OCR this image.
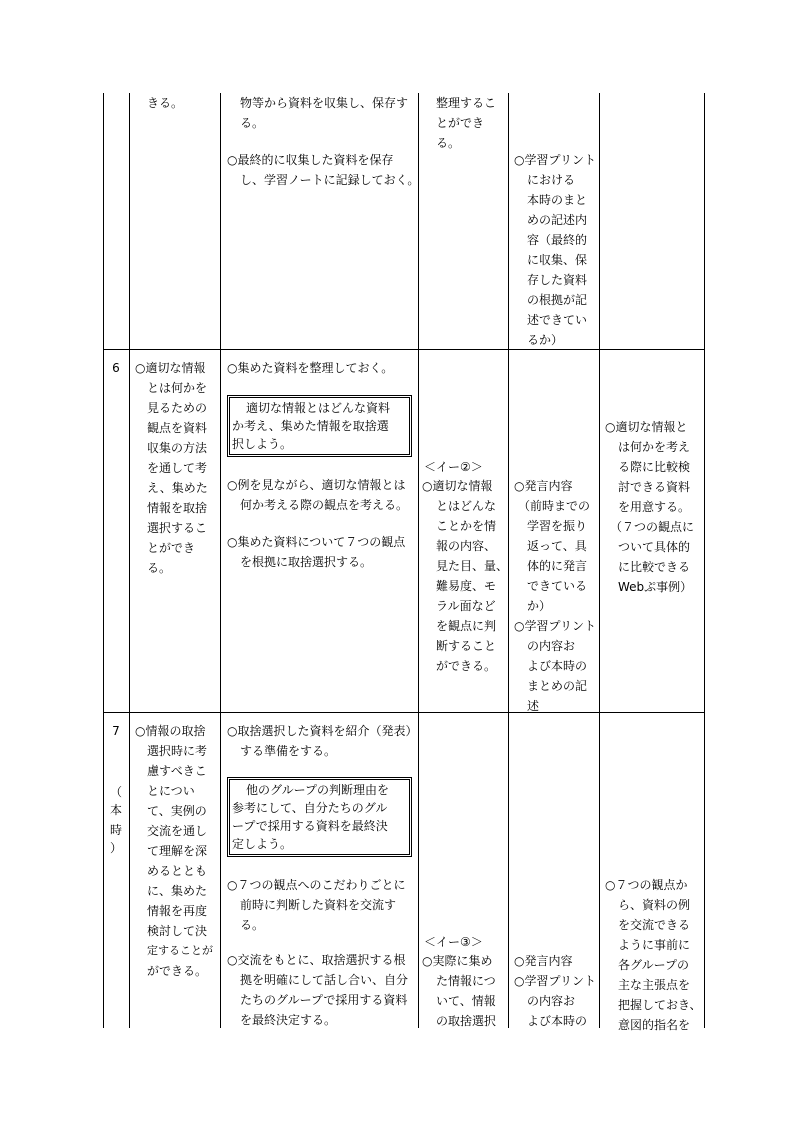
きる。	物等から資料を収集し、保存す
る。
○最終的に収集した資料を保存
し、学習ノートに記録しておく。
整理するこ
とができ
る。
○学習プリント
における
本時のまと
めの記述内
容（最終的
に収集、保
存した資料
の根拠が記
述できてい
るか）
6	○適切な情報
とは何かを
見るための
観点を資料
収集の方法
を通して考
え、集めた
情報を取捨
選択するこ
とができ
る。
○集めた資料を整理しておく。
適切な情報とはどんな資料
か考え、集めた情報を取捨選
択しよう。
○例を見ながら、適切な情報とは
何か考える際の観点を考える。
○集めた資料について７つの観点
を根拠に取捨選択する。
＜イー②＞
○適切な情報
とはどんな
ことかを情
報の内容、
見た目、量、
難易度、モ
ラル面など
を観点に判
断すること
ができる。
○発言内容
（前時までの
学習を振り
返って、具
体的に発言
できている
か）
○学習プリント
の内容お
よび本時の
まとめの記
述
○適切な情報と
は何かを考え
る際に比較検
討できる資料
を用意する。
（７つの観点に
ついて具体的
に比較できる
Webぷ事例）
7
（
本
時
）
○情報の取捨
選択時に考
慮すべきこ
とについ
て、実例の
交流を通し
て理解を深
めるととも
に、集めた
情報を再度
検討して決
定することが
ができる。
○取捨選択した資料を紹介（発表）
する準備をする。
他のグループの判断理由を
参考にして、自分たちのグル
ープで採用する資料を最終決
定しよう。
○７つの観点へのこだわりごとに
前時に判断した資料を交流す
る。
○交流をもとに、取捨選択する根
拠を明確にして話し合い、自分
たちのグループで採用する資料
を最終決定する。
＜イー③＞
○実際に集め
た情報につ
いて、情報
の取捨選択
○発言内容
○学習プリント
の内容お
よび本時の
○７つの観点か
ら、資料の例
を交流できる
ように事前に
各グループの
主な主張点を
把握しておき、
意図的指名を
